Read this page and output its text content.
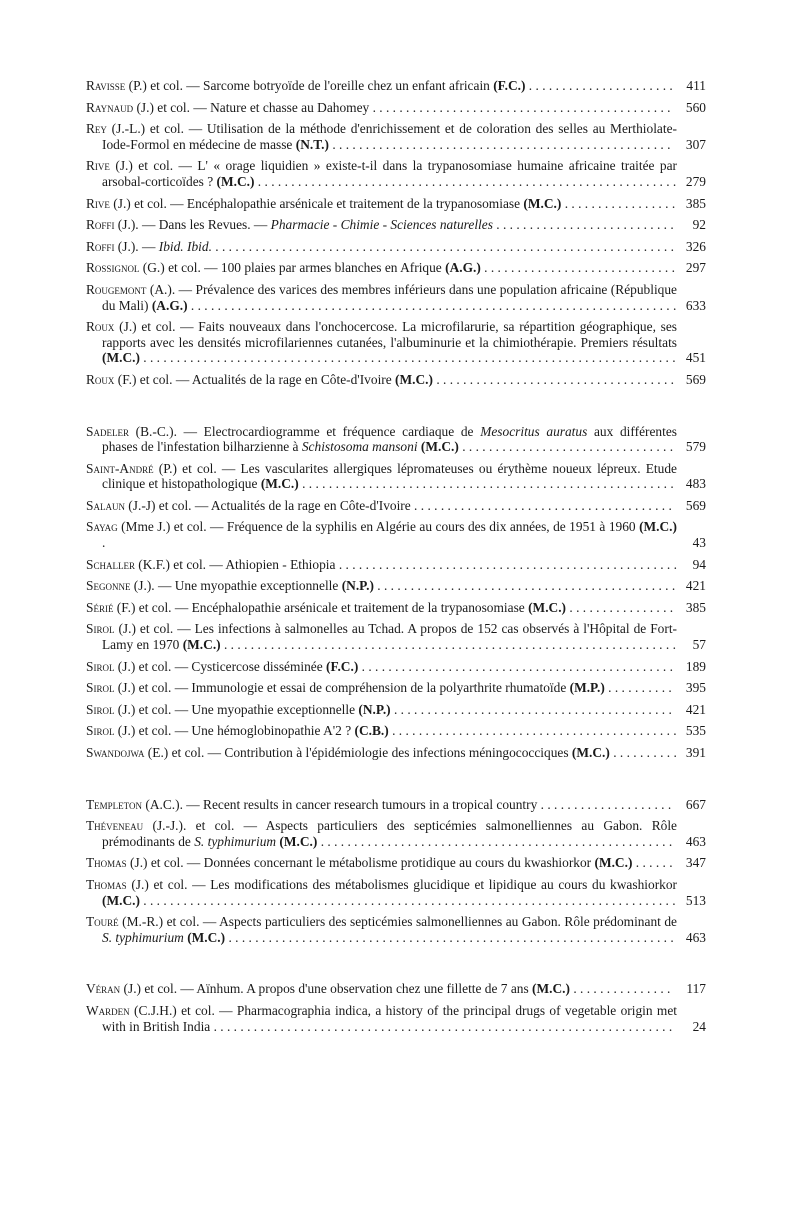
Ravisse (P.) et col. — Sarcome botryoïde de l'oreille chez un enfant africain (F.C.) . . . . . . . . . . . . . . . . . . . . . .	411
Raynaud (J.) et col. — Nature et chasse au Dahomey . . . . . . . . . . . . . . . . . . . . . . . . . . . . . . . . . . . . . . . . . . . . .	560
Rey (J.-L.) et col. — Utilisation de la méthode d'enrichissement et de coloration des selles au Merthiolate-Iode-Formol en médecine de masse (N.T.) . . . . . . . . . . . . . . . . . . . . . . . . . . . . . . . . . . . . . . . . . . . . . . . . . . .	307
Rive (J.) et col. — L' « orage liquidien » existe-t-il dans la trypanosomiase humaine africaine traitée par arsobal-corticoïdes ? (M.C.) . . . . . . . . . . . . . . . . . . . . . . . . . . . . . . . . . . . . . . . . . . . . . . . . . . . . . . . . . . . . . . . 279
Rive (J.) et col. — Encéphalopathie arsénicale et traitement de la trypanosomiase (M.C.) . . . . . . . . . . . . . . . . . 385
Roffi (J.). — Dans les Revues. — Pharmacie - Chimie - Sciences naturelles . . . . . . . . . . . . . . . . . . . . . . . . . . .	92
Roffi (J.). — Ibid. Ibid. . . . . . . . . . . . . . . . . . . . . . . . . . . . . . . . . . . . . . . . . . . . . . . . . . . . . . . . . . . . . . . . . . . . . . 326
Rossignol (G.) et col. — 100 plaies par armes blanches en Afrique (A.G.) . . . . . . . . . . . . . . . . . . . . . . . . . . . . . 297
Rougemont (A.). — Prévalence des varices des membres inférieurs dans une population africaine (République du Mali) (A.G.) . . . . . . . . . . . . . . . . . . . . . . . . . . . . . . . . . . . . . . . . . . . . . . . . . . . . . . . . . . . . . . . . . . . . . . . . . 633
Roux (J.) et col. — Faits nouveaux dans l'onchocercose. La microfilarurie, sa répartition géographique, ses rapports avec les densités microfilariennes cutanées, l'albuminurie et la chimiothérapie. Premiers résultats (M.C.) . . . . . . . . . . . . . . . . . . . . . . . . . . . . . . . . . . . . . . . . . . . . . . . . . . . . . . . . . . . . . . . . . . . . . . . . . . . . . . . . 451
Roux (F.) et col. — Actualités de la rage en Côte-d'Ivoire (M.C.) . . . . . . . . . . . . . . . . . . . . . . . . . . . . . . . . . . . . 569
Sadeler (B.-C.). — Electrocardiogramme et fréquence cardiaque de Mesocritus auratus aux différentes phases de l'infestation bilharzienne à Schistosoma mansoni (M.C.) . . . . . . . . . . . . . . . . . . . . . . . . . . . . . . . . 579
Saint-André (P.) et col. — Les vascularites allergiques lépromateuses ou érythème noueux lépreux. Etude clinique et histopathologique (M.C.) . . . . . . . . . . . . . . . . . . . . . . . . . . . . . . . . . . . . . . . . . . . . . . . . . . . . . . . . 483
Salaun (J.-J) et col. — Actualités de la rage en Côte-d'Ivoire . . . . . . . . . . . . . . . . . . . . . . . . . . . . . . . . . . . . . . .	569
Sayag (Mme J.) et col. — Fréquence de la syphilis en Algérie au cours des dix années, de 1951 à 1960 (M.C.) .	43
Schaller (K.F.) et col. — Athiopien - Ethiopia . . . . . . . . . . . . . . . . . . . . . . . . . . . . . . . . . . . . . . . . . . . . . . . . . . .	94
Segonne (J.). — Une myopathie exceptionnelle (N.P.) . . . . . . . . . . . . . . . . . . . . . . . . . . . . . . . . . . . . . . . . . . . . . 421
Sérié (F.) et col. — Encéphalopathie arsénicale et traitement de la trypanosomiase (M.C.) . . . . . . . . . . . . . . . . 385
Sirol (J.) et col. — Les infections à salmonelles au Tchad. A propos de 152 cas observés à l'Hôpital de Fort-Lamy en 1970 (M.C.) . . . . . . . . . . . . . . . . . . . . . . . . . . . . . . . . . . . . . . . . . . . . . . . . . . . . . . . . . . . . . . . . . . . .	57
Sirol (J.) et col. — Cysticercose disséminée (F.C.) . . . . . . . . . . . . . . . . . . . . . . . . . . . . . . . . . . . . . . . . . . . . . . . 189
Sirol (J.) et col. — Immunologie et essai de compréhension de la polyarthrite rhumatoïde (M.P.) . . . . . . . . . .	395
Sirol (J.) et col. — Une myopathie exceptionnelle (N.P.) . . . . . . . . . . . . . . . . . . . . . . . . . . . . . . . . . . . . . . . . . .	421
Sirol (J.) et col. — Une hémoglobinopathie A'2 ? (C.B.) . . . . . . . . . . . . . . . . . . . . . . . . . . . . . . . . . . . . . . . . . . . 535
Swandojwa (E.) et col. — Contribution à l'épidémiologie des infections méningococciques (M.C.) . . . . . . . . . . 391
Templeton (A.C.). — Recent results in cancer research tumours in a tropical country . . . . . . . . . . . . . . . . . . . .	667
Théveneau (J.-J.). et col. — Aspects particuliers des septicémies salmonelliennes au Gabon. Rôle prémodinants de S. typhimurium (M.C.) . . . . . . . . . . . . . . . . . . . . . . . . . . . . . . . . . . . . . . . . . . . . . . . . . . . . .	463
Thomas (J.) et col. — Données concernant le métabolisme protidique au cours du kwashiorkor (M.C.) . . . . . . 347
Thomas (J.) et col. — Les modifications des métabolismes glucidique et lipidique au cours du kwashiorkor (M.C.) . . . . . . . . . . . . . . . . . . . . . . . . . . . . . . . . . . . . . . . . . . . . . . . . . . . . . . . . . . . . . . . . . . . . . . . . . . . . . . . . 513
Touré (M.-R.) et col. — Aspects particuliers des septicémies salmonelliennes au Gabon. Rôle prédominant de S. typhimurium (M.C.) . . . . . . . . . . . . . . . . . . . . . . . . . . . . . . . . . . . . . . . . . . . . . . . . . . . . . . . . . . . . . . . . . . . 463
Véran (J.) et col. — Aïnhum. A propos d'une observation chez une fillette de 7 ans (M.C.) . . . . . . . . . . . . . . .	117
Warden (C.J.H.) et col. — Pharmacographia indica, a history of the principal drugs of vegetable origin met with in British India . . . . . . . . . . . . . . . . . . . . . . . . . . . . . . . . . . . . . . . . . . . . . . . . . . . . . . . . . . . . . . . . . . . . .	24
